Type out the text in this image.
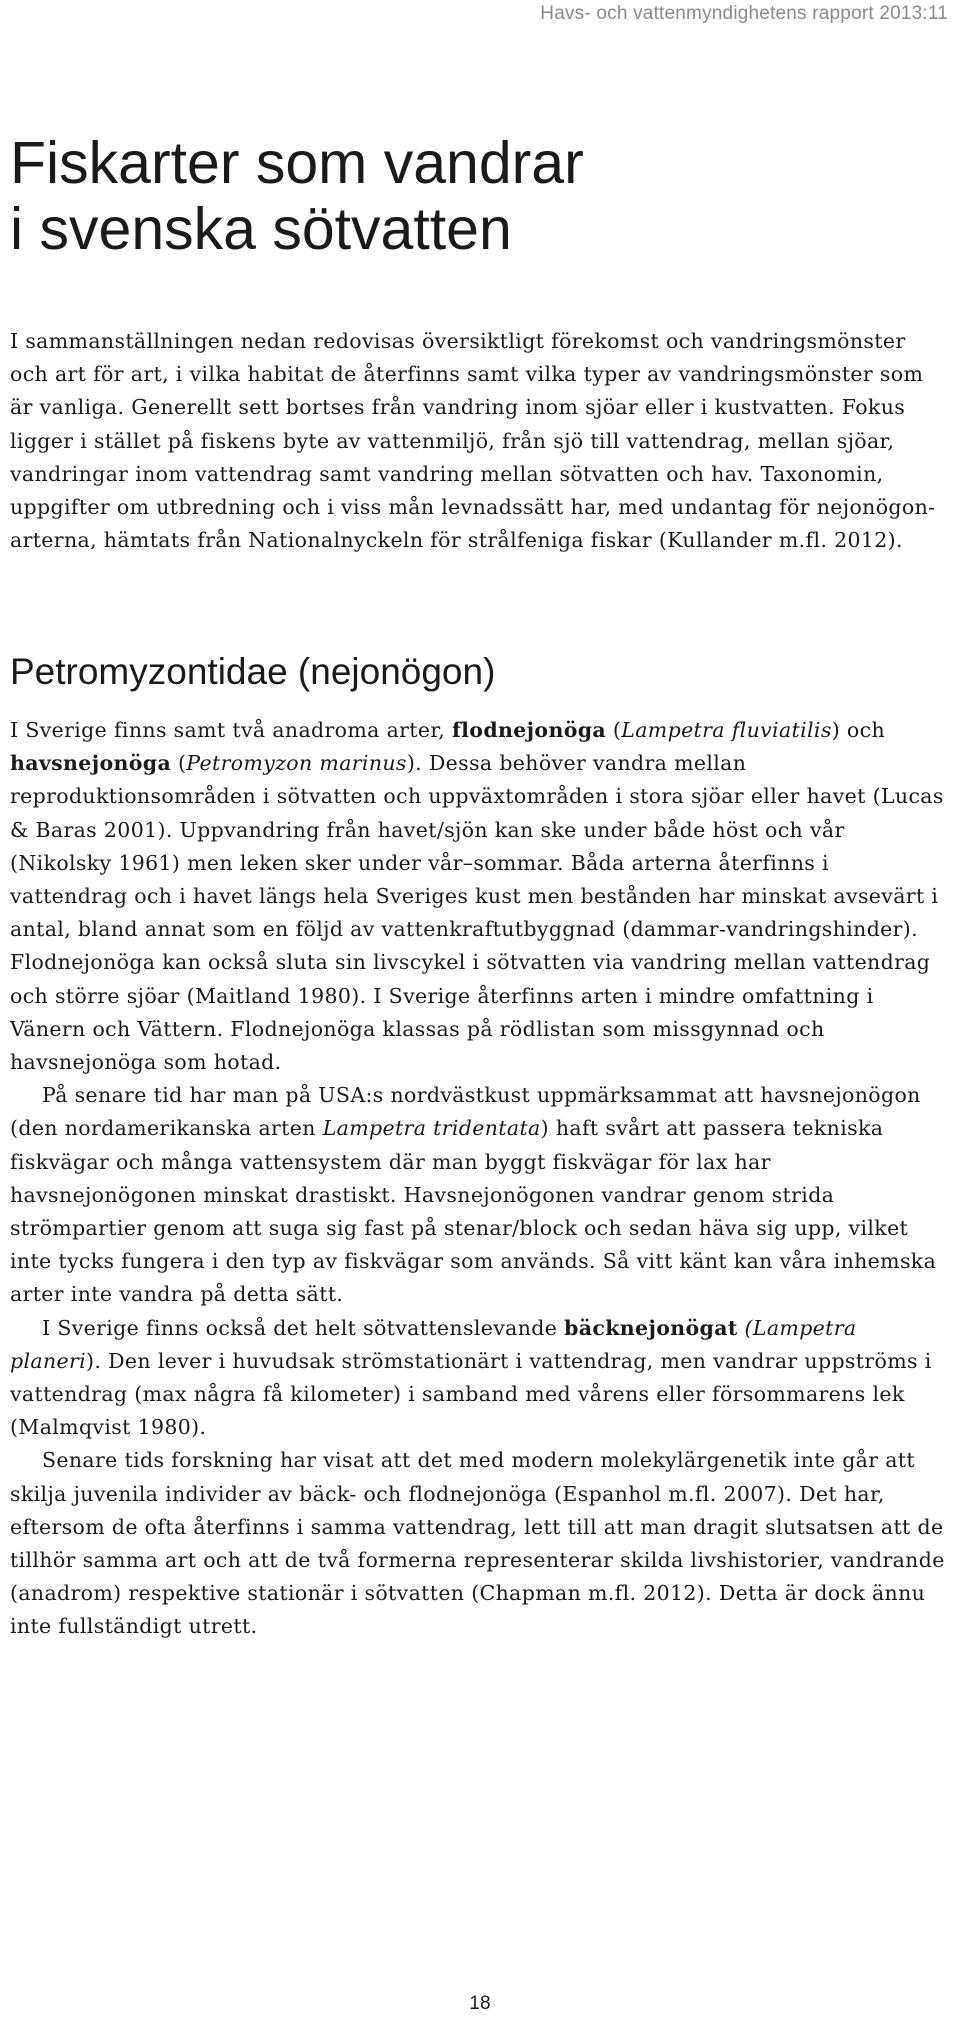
Havs- och vattenmyndighetens rapport 2013:11
Fiskarter som vandrar
i svenska sötvatten

I sammanställningen nedan redovisas översiktligt förekomst och vandringsmönster och art för art, i vilka habitat de återfinns samt vilka typer av vandringsmönster som är vanliga. Generellt sett bortses från vandring inom sjöar eller i kustvatten. Fokus ligger i stället på fiskens byte av vattenmiljö, från sjö till vattendrag, mellan sjöar, vandringar inom vattendrag samt vandring mellan sötvatten och hav. Taxonomin, uppgifter om utbredning och i viss mån levnadssätt har, med undantag för nejonögon-arterna, hämtats från Nationalnyckeln för strålfeniga fiskar (Kullander m.fl. 2012).

Petromyzontidae (nejonögon)

I Sverige finns samt två anadroma arter, flodnejonöga (Lampetra fluviatilis) och havsnejonöga (Petromyzon marinus). Dessa behöver vandra mellan reproduktionsområden i sötvatten och uppväxtområden i stora sjöar eller havet (Lucas & Baras 2001). Uppvandring från havet/sjön kan ske under både höst och vår (Nikolsky 1961) men leken sker under vår–sommar. Båda arterna återfinns i vattendrag och i havet längs hela Sveriges kust men bestånden har minskat avsevärt i antal, bland annat som en följd av vattenkraftutbyggnad (dammar-vandringshinder). Flodnejonöga kan också sluta sin livscykel i sötvatten via vandring mellan vattendrag och större sjöar (Maitland 1980). I Sverige återfinns arten i mindre omfattning i Vänern och Vättern. Flodnejonöga klassas på rödlistan som missgynnad och havsnejonöga som hotad.

På senare tid har man på USA:s nordvästkust uppmärksammat att havsnejonögon (den nordamerikanska arten Lampetra tridentata) haft svårt att passera tekniska fiskvägar och många vattensystem där man byggt fiskvägar för lax har havsnejonögonen minskat drastiskt. Havsnejonögonen vandrar genom strida strömpartier genom att suga sig fast på stenar/block och sedan häva sig upp, vilket inte tycks fungera i den typ av fiskvägar som används. Så vitt känt kan våra inhemska arter inte vandra på detta sätt.

I Sverige finns också det helt sötvattenslevande bäcknejonögat (Lampetra planeri). Den lever i huvudsak strömstationärt i vattendrag, men vandrar uppströms i vattendrag (max några få kilometer) i samband med vårens eller försommarens lek (Malmqvist 1980).

Senare tids forskning har visat att det med modern molekylärgenetik inte går att skilja juvenila individer av bäck- och flodnejonöga (Espanhol m.fl. 2007). Det har, eftersom de ofta återfinns i samma vattendrag, lett till att man dragit slutsatsen att de tillhör samma art och att de två formerna representerar skilda livshistorier, vandrande (anadrom) respektive stationär i sötvatten (Chapman m.fl. 2012). Detta är dock ännu inte fullständigt utrett.

18
